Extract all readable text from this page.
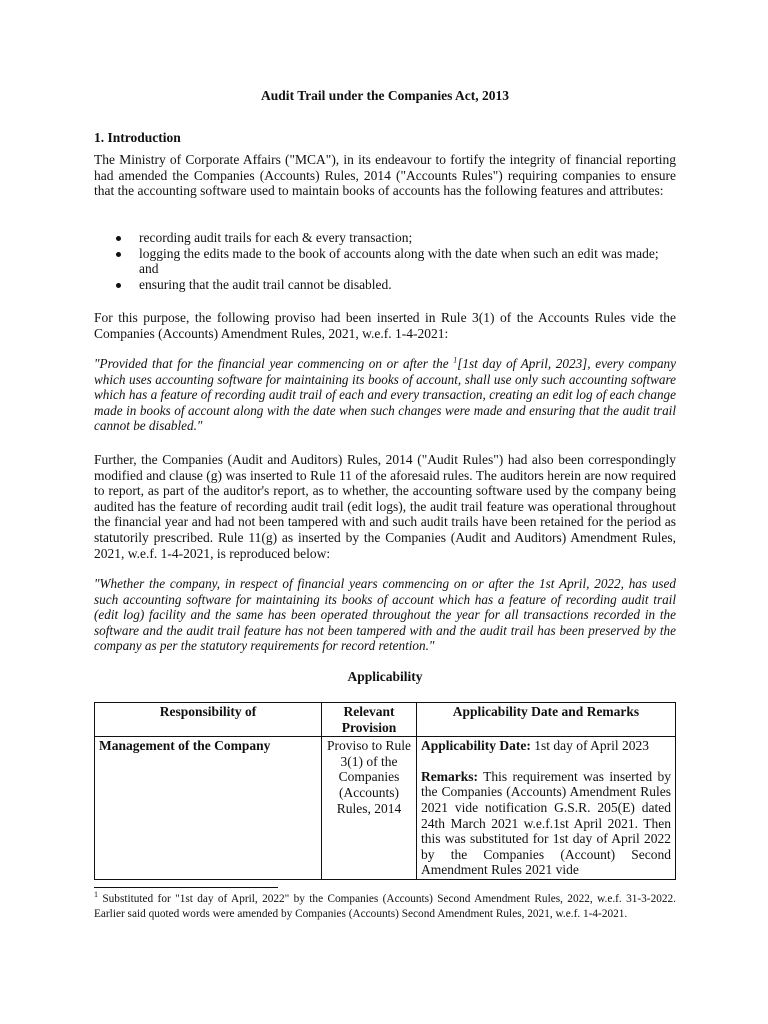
Audit Trail under the Companies Act, 2013
1. Introduction
The Ministry of Corporate Affairs ("MCA"), in its endeavour to fortify the integrity of financial reporting had amended the Companies (Accounts) Rules, 2014 ("Accounts Rules") requiring companies to ensure that the accounting software used to maintain books of accounts has the following features and attributes:
recording audit trails for each & every transaction;
logging the edits made to the book of accounts along with the date when such an edit was made; and
ensuring that the audit trail cannot be disabled.
For this purpose, the following proviso had been inserted in Rule 3(1) of the Accounts Rules vide the Companies (Accounts) Amendment Rules, 2021, w.e.f. 1-4-2021:
"Provided that for the financial year commencing on or after the $^1$[1st day of April, 2023], every company which uses accounting software for maintaining its books of account, shall use only such accounting software which has a feature of recording audit trail of each and every transaction, creating an edit log of each change made in books of account along with the date when such changes were made and ensuring that the audit trail cannot be disabled."
Further, the Companies (Audit and Auditors) Rules, 2014 ("Audit Rules") had also been correspondingly modified and clause (g) was inserted to Rule 11 of the aforesaid rules. The auditors herein are now required to report, as part of the auditor's report, as to whether, the accounting software used by the company being audited has the feature of recording audit trail (edit logs), the audit trail feature was operational throughout the financial year and had not been tampered with and such audit trails have been retained for the period as statutorily prescribed. Rule 11(g) as inserted by the Companies (Audit and Auditors) Amendment Rules, 2021, w.e.f. 1-4-2021, is reproduced below:
"Whether the company, in respect of financial years commencing on or after the 1st April, 2022, has used such accounting software for maintaining its books of account which has a feature of recording audit trail (edit log) facility and the same has been operated throughout the year for all transactions recorded in the software and the audit trail feature has not been tampered with and the audit trail has been preserved by the company as per the statutory requirements for record retention."
Applicability
Responsibility of	Relevant Provision	Applicability Date and Remarks
Management of the Company	Proviso to Rule 3(1) of the Companies (Accounts) Rules, 2014	Applicability Date: 1st day of April 2023
Remarks: This requirement was inserted by the Companies (Accounts) Amendment Rules 2021 vide notification G.S.R. 205(E) dated 24th March 2021 w.e.f.1st April 2021. Then this was substituted for 1st day of April 2022 by the Companies (Account) Second Amendment Rules 2021 vide
$^1$ Substituted for "1st day of April, 2022" by the Companies (Accounts) Second Amendment Rules, 2022, w.e.f. 31-3-2022. Earlier said quoted words were amended by Companies (Accounts) Second Amendment Rules, 2021, w.e.f. 1-4-2021.
